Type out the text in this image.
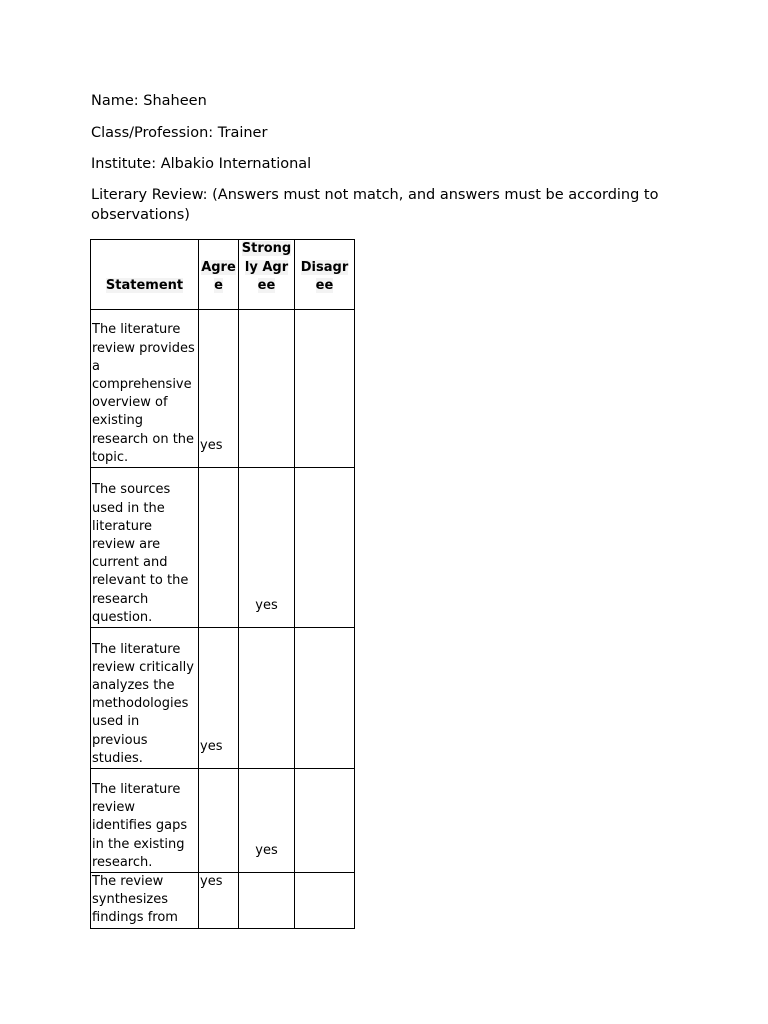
Name: Shaheen
Class/Profession: Trainer
Institute: Albakio International
Literary Review: (Answers must not match, and answers must be according to observations)
Statement	Agree	Strongly Agree	Disagree
The literature review provides a comprehensive overview of existing research on the topic.	yes		
The sources used in the literature review are current and relevant to the research question.		yes	
The literature review critically analyzes the methodologies used in previous studies.	yes		
The literature review identifies gaps in the existing research.		yes	
The review synthesizes findings from	yes		
